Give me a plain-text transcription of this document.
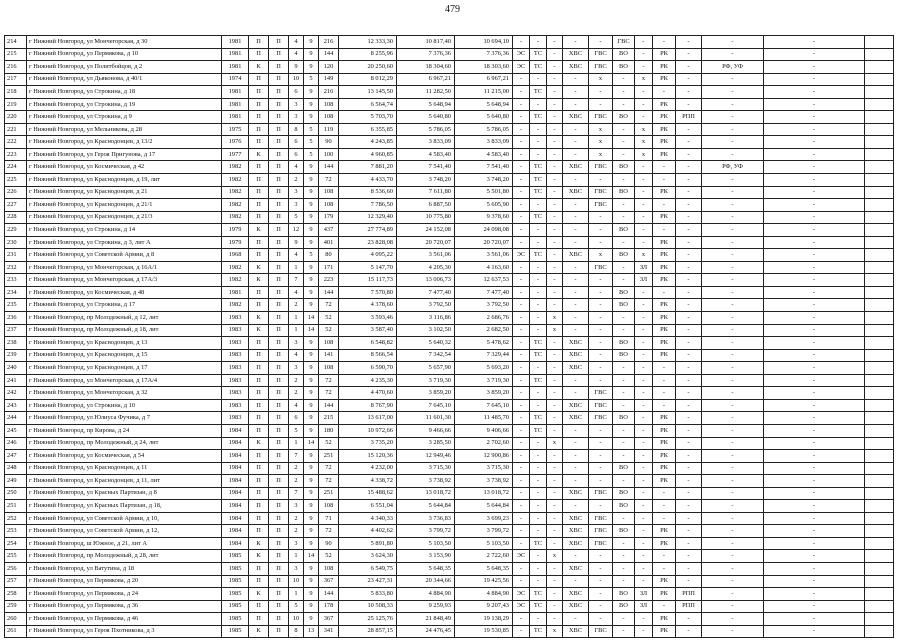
479
214	г Нижний Новгород, ул Мончегорская, д 30	1981	П	П	4	9	216	12 333,30	10 817,40	10 694,10	-	-	-	-	-	ГВС	-	-	-	-	-	
215	г Нижний Новгород, ул Пермякова, д 10	1981	П	П	4	9	144	8 255,96	7 376,36	7 376,36	ЭС	ТС	-	ХВС	ГВС	ВО	-	РК	-	-	-	
216	г Нижний Новгород, ул Политбойцов, д 2	1981	К	П	9	9	120	20 250,60	18 304,60	18 303,60	ЭС	ТС	-	ХВС	ГВС	ВО	-	РК	-	РФ, УФ	-	
217	г Нижний Новгород, ул Дьяконова, д 40/1	1974	П	П	10	5	149	8 012,29	6 967,21	6 967,21	-	-	-	-	х	-	х	РК	-	-	-	
218	г Нижний Новгород, ул Строкина, д 18	1981	П	П	6	9	216	13 145,50	11 282,50	11 215,00	-	ТС	-	-	-	-	-	-	-	-	-	
219	г Нижний Новгород, ул Строкина, д 19	1981	П	П	3	9	108	6 564,74	5 648,94	5 648,94	-	-	-	-	-	-	-	РК	-	-	-	
220	г Нижний Новгород, ул Строкина, д 9	1981	П	П	3	9	108	5 703,70	5 640,80	5 640,80	-	ТС	-	ХВС	ГВС	ВО	-	РК	РПП	-	-	
221	г Нижний Новгород, ул Мельникова, д 28	1975	П	П	8	5	119	6 355,85	5 786,05	5 786,05	-	-	-	-	х	-	х	РК	-	-	-	
222	г Нижний Новгород, ул Краснодонцев, д 13/2	1976	П	П	6	5	90	4 243,85	3 833,09	3 833,09	-	-	-	-	х	-	х	РК	-	-	-	
223	г Нижний Новгород, ул Героя Пригунова, д 17	1977	К	П	6	5	100	4 960,85	4 583,40	4 583,40	-	-	-	-	х	-	х	РК	-	-	-	
224	г Нижний Новгород, ул Космическая, д 42	1982	П	П	4	9	144	7 881,20	7 541,40	7 541,40	-	ТС	-	ХВС	ГВС	ВО	-	-	-	РФ, УФ	-	
225	г Нижний Новгород, ул Краснодонцев, д 19, лит	1982	П	П	2	9	72	4 433,70	3 748,20	3 748,20	-	ТС	-	-	-	-	-	-	-	-	-	
226	г Нижний Новгород, ул Краснодонцев, д 21	1982	П	П	3	9	108	8 536,60	7 611,80	5 501,80	-	ТС	-	ХВС	ГВС	ВО	-	РК	-	-	-	
227	г Нижний Новгород, ул Краснодонцев, д 21/1	1982	П	П	3	9	108	7 786,50	6 887,50	5 605,90	-	-	-	-	ГВС	-	-	-	-	-	-	
228	г Нижний Новгород, ул Краснодонцев, д 21/3	1982	П	П	5	9	179	12 329,40	10 775,80	9 378,60	-	ТС	-	-	-	-	-	РК	-	-	-	
229	г Нижний Новгород, ул Строкина, д 14	1979	К	П	12	9	437	27 774,89	24 152,08	24 098,08	-	-	-	-	-	ВО	-	-	-	-	-	
230	г Нижний Новгород, ул Строкина, д 3, лит А	1979	П	П	9	9	401	23 828,08	20 720,07	20 720,07	-	-	-	-	-	-	-	РК	-	-	-	
231	г Нижний Новгород, ул Советской Армии, д 8	1968	П	П	4	5	80	4 095,22	3 561,06	3 561,06	ЭС	ТС	-	ХВС	х	ВО	х	РК	-	-	-	
232	г Нижний Новгород, ул Мончегорская, д 16А/1	1982	К	П	1	9	171	5 147,70	4 205,30	4 163,60	-	-	-	-	ГВС	-	ЗЛ	РК	-	-	-	
233	г Нижний Новгород, ул Мончегорская, д 17А/3	1982	К	П	7	9	223	15 117,73	13 006,73	12 637,53	-	-	-	-	-	-	ЗЛ	РК	-	-	-	
234	г Нижний Новгород, ул Космическая, д 48	1981	П	П	4	9	144	7 570,80	7 477,40	7 477,40	-	-	-	-	-	ВО	-	-	-	-	-	
235	г Нижний Новгород, ул Строкина, д 17	1982	П	П	2	9	72	4 378,60	3 792,50	3 792,50	-	-	-	-	-	ВО	-	РК	-	-	-	
236	г Нижний Новгород, пр Молодежный, д 12, лит	1983	К	П	1	14	52	3 593,46	3 116,86	2 686,76	-	-	х	-	-	-	-	РК	-	-	-	
237	г Нижний Новгород, пр Молодежный, д 18, лит	1983	К	П	1	14	52	3 587,40	3 102,50	2 682,50	-	-	х	-	-	-	-	РК	-	-	-	
238	г Нижний Новгород, ул Краснодонцев, д 13	1983	П	П	3	9	108	6 548,82	5 640,32	5 478,62	-	ТС	-	ХВС	-	ВО	-	РК	-	-	-	
239	г Нижний Новгород, ул Краснодонцев, д 15	1983	П	П	4	9	141	8 566,54	7 342,54	7 329,44	-	ТС	-	ХВС	-	ВО	-	РК	-	-	-	
240	г Нижний Новгород, ул Краснодонцев, д 17	1983	П	П	3	9	108	6 590,70	5 657,90	5 693,20	-	-	-	ХВС	-	-	-	-	-	-	-	
241	г Нижний Новгород, ул Мончегорская, д 17А/4	1983	П	П	2	9	72	4 235,30	3 719,30	3 719,30	-	ТС	-	-	-	-	-	-	-	-	-	
242	г Нижний Новгород, ул Мончегорская, д 32	1983	П	П	2	9	72	4 470,60	3 859,20	3 859,20	-	-	-	-	ГВС	-	-	-	-	-	-	
243	г Нижний Новгород, ул Строкина, д 10	1983	П	П	4	9	144	8 767,90	7 645,10	7 645,10	-	-	-	ХВС	ГВС	-	-	-	-	-	-	
244	г Нижний Новгород, ул Юлиуса Фучика, д 7	1983	П	П	6	9	215	13 617,00	11 601,30	11 485,70	-	ТС	-	ХВС	ГВС	ВО	-	РК	-	-	-	
245	г Нижний Новгород, пр Кирова, д 24	1984	П	П	5	9	180	10 972,66	9 466,66	9 406,66	-	ТС	-	-	-	-	-	РК	-	-	-	
246	г Нижний Новгород, пр Молодежный, д 24, лит	1984	К	П	1	14	52	3 735,20	3 285,50	2 702,60	-	-	х	-	-	-	-	РК	-	-	-	
247	г Нижний Новгород, ул Космическая, д 54	1984	П	П	7	9	251	15 120,36	12 949,46	12 900,86	-	-	-	-	-	-	-	РК	-	-	-	
248	г Нижний Новгород, ул Краснодонцев, д 11	1984	П	П	2	9	72	4 232,00	3 715,30	3 715,30	-	-	-	-	-	ВО	-	РК	-	-	-	
249	г Нижний Новгород, ул Краснодонцев, д 11, лит	1984	П	П	2	9	72	4 338,72	3 738,92	3 738,92	-	-	-	-	-	-	-	РК	-	-	-	
250	г Нижний Новгород, ул Красных Партизан, д 8	1984	П	П	7	9	251	15 488,62	13 018,72	13 018,72	-	-	-	ХВС	ГВС	ВО	-	-	-	-	-	
251	г Нижний Новгород, ул Красных Партизан, д 18,	1984	П	П	3	9	108	6 551,04	5 644,84	5 644,84	-	-	-	-	-	ВО	-	-	-	-	-	
252	г Нижний Новгород, ул Советской Армии, д 10,	1984	П	П	2	9	71	4 340,33	3 736,83	3 699,23	-	-	-	ХВС	ГВС	-	-	-	-	-	-	
253	г Нижний Новгород, ул Советской Армии, д 12,	1984	П	П	2	9	72	4 402,62	3 799,72	3 799,72	-	-	-	ХВС	ГВС	ВО	-	РК	-	-	-	
254	г Нижний Новгород, ш Южное, д 21, лит А	1984	К	П	3	9	90	5 891,80	5 103,50	5 103,50	-	ТС	-	ХВС	ГВС	-	-	РК	-	-	-	
255	г Нижний Новгород, пр Молодежный, д 28, лит	1985	К	П	1	14	52	3 624,30	3 153,90	2 722,60	ЭС	-	х	-	-	-	-	-	-	-	-	
256	г Нижний Новгород, ул Ватутина, д 18	1985	П	П	3	9	108	6 549,75	5 648,35	5 648,35	-	-	-	ХВС	-	-	-	-	-	-	-	
257	г Нижний Новгород, ул Пермякова, д 20	1985	П	П	10	9	367	23 427,31	20 344,66	19 425,56	-	-	-	-	-	-	-	РК	-	-	-	
258	г Нижний Новгород, ул Пермякова, д 24	1985	К	П	1	9	144	5 833,80	4 884,90	4 884,90	ЭС	ТС	-	ХВС	-	ВО	ЗЛ	РК	РПП	-	-	
259	г Нижний Новгород, ул Пермякова, д 36	1985	П	П	5	9	178	10 508,33	9 259,93	9 207,43	ЭС	ТС	-	ХВС	-	ВО	ЗЛ	-	РПП	-	-	
260	г Нижний Новгород, ул Пермякова, д 46	1985	П	П	10	9	367	25 125,76	21 848,49	19 138,29	-	-	-	-	-	-	-	РК	-	-	-	
261	г Нижний Новгород, ул Героя Пхотникова, д 3	1985	К	П	8	13	341	28 857,15	24 476,45	19 530,85	-	ТС	х	ХВС	ГВС	-	-	РК	-	-	-	
